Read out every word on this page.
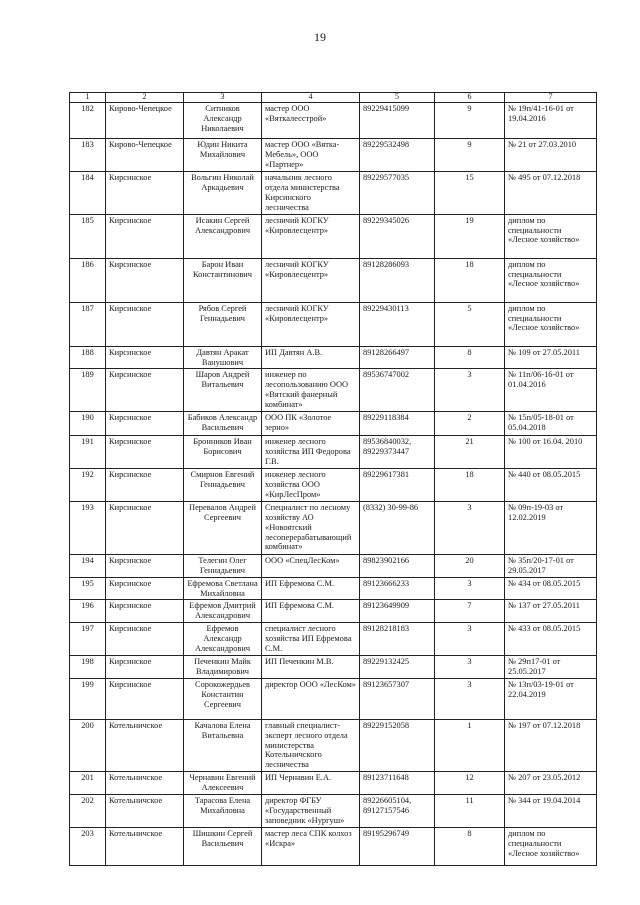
19
1	2	3	4	5	6	7
182	Кирово-Чепецкое	Ситников Александр Николаевич	мастер ООО «Вяткалесстрой»	89229415099	9	№ 19п/41-16-01 от 19.04.2016
183	Кирово-Чепецкое	Юдин Никита Михайлович	мастер ООО «Вятка-Мебель», ООО «Партнер»	89229532498	9	№ 21 от 27.03.2010
184	Кирсинское	Вольгин Николай Аркадьевич	начальник лесного отдела министерства Кирсинского лесничества	89229577035	15	№ 495 от 07.12.2018
185	Кирсинское	Исакин Сергей Александрович	лесничий КОГКУ «Кировлесцентр»	89229345026	19	диплом по специальности «Лесное хозяйство»
186	Кирсинское	Барон Иван Константинович	лесничий КОГКУ «Кировлесцентр»	89128286093	18	диплом по специальности «Лесное хозяйство»
187	Кирсинское	Рябов Сергей Геннадьевич	лесничий КОГКУ «Кировлесцентр»	89229430113	5	диплом по специальности «Лесное хозяйство»
188	Кирсинское	Давтян Аракат Ванушович	ИП Давтян А.В.	89128266497	8	№ 109 от 27.05.2011
189	Кирсинское	Шаров Андрей Витальевич	инженер по лесопользованию ООО «Вятский фанерный комбинат»	89536747002	3	№ 11п/06-16-01 от 01.04.2016
190	Кирсинское	Бабиков Александр Васильевич	ООО ПК «Золотое зерно»	89229118384	2	№ 15п/05-18-01 от 05.04.2018
191	Кирсинское	Бронников Иван Борисович	инженер лесного хозяйства ИП Федорова Г.В.	89536840032, 89229373447	21	№ 100 от 16.04. 2010
192	Кирсинское	Смирнов Евгений Геннадьевич	инженер лесного хозяйства ООО «КирЛесПром»	89229617381	18	№ 440 от 08.05.2015
193	Кирсинское	Перевалов Андрей Сергеевич	Специалист по лесному хозяйству АО «Новоятский лесоперерабатывающий комбинат»	(8332) 30-99-86	3	№ 09п-19-03 от 12.02.2019
194	Кирсинское	Телегин Олег Геннадьевич	ООО «СпецЛесКом»	89823902166	20	№ 35п/20-17-01 от 29.05.2017
195	Кирсинское	Ефремова Светлана Михайловна	ИП Ефремова С.М.	89123666233	3	№ 434 от 08.05.2015
196	Кирсинское	Ефремов Дмитрий Александрович	ИП Ефремова С.М.	89123649909	7	№ 137 от 27.05.2011
197	Кирсинское	Ефремов Александр Александрович	специалист лесного хозяйства ИП Ефремова С.М.	89128218183	3	№ 433 от 08.05.2015
198	Кирсинское	Печенкин Майк Владимирович	ИП Печенкин М.В.	89229132425	3	№ 29п17-01 от 25.05.2017
199	Кирсинское	Сорокожердьев Константин Сергеевич	директор ООО «ЛесКом»	89123657307	3	№ 13п/03-19-01 от 22.04.2019
200	Котельничское	Качалова Елена Витальевна	главный специалист-эксперт лесного отдела министерства Котельничского лесничества	89229152058	1	№ 197 от 07.12.2018
201	Котельничское	Чернавин Евгений Алексеевич	ИП Чернавин Е.А.	89123711648	12	№ 207 от 23.05.2012
202	Котельничское	Тарасова Елена Михайловна	директор ФГБУ «Государственный заповедник «Нургуш»	89226605104, 89127157546	11	№ 344 от 19.04.2014
203	Котельничское	Шишкин Сергей Васильевич	мастер леса СПК колхоз «Искра»	89195296749	8	диплом по специальности «Лесное хозяйство»
